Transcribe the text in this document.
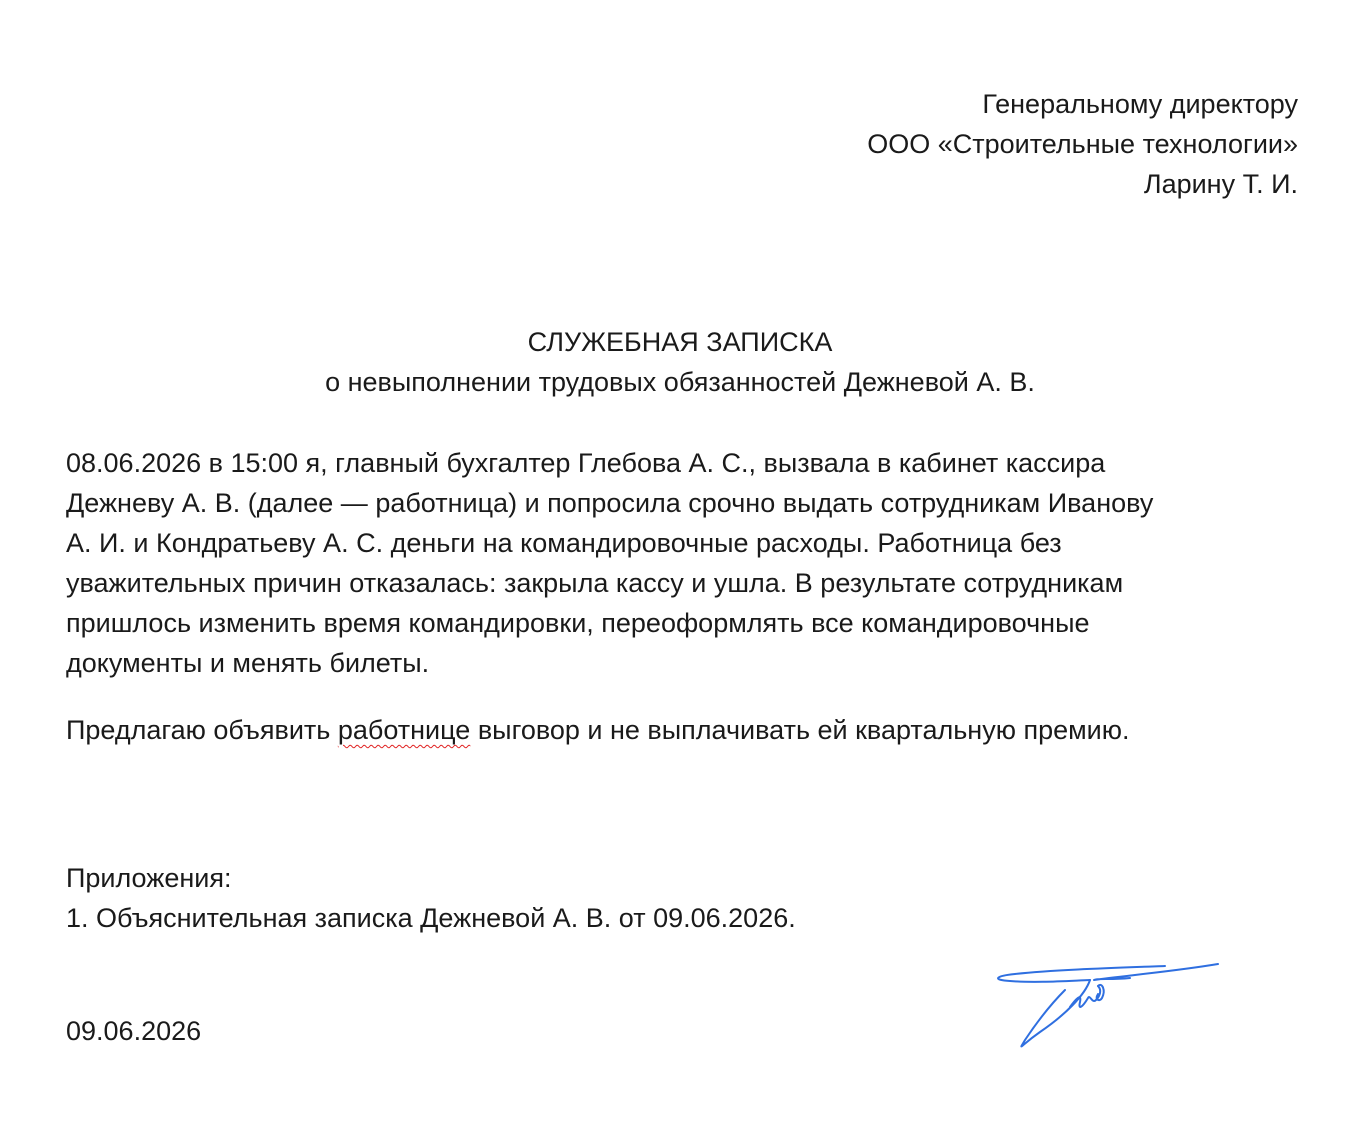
Генеральному директору
ООО «Строительные технологии»
Ларину Т. И.
СЛУЖЕБНАЯ ЗАПИСКА
о невыполнении трудовых обязанностей Дежневой А. В.
08.06.2026 в 15:00 я, главный бухгалтер Глебова А. С., вызвала в кабинет кассира
Дежневу А. В. (далее — работница) и попросила срочно выдать сотрудникам Иванову
А. И. и Кондратьеву А. С. деньги на командировочные расходы. Работница без
уважительных причин отказалась: закрыла кассу и ушла. В результате сотрудникам
пришлось изменить время командировки, переоформлять все командировочные
документы и менять билеты.
Предлагаю объявить работнице выговор и не выплачивать ей квартальную премию.
Приложения:
1. Объяснительная записка Дежневой А. В. от 09.06.2026.
09.06.2026
